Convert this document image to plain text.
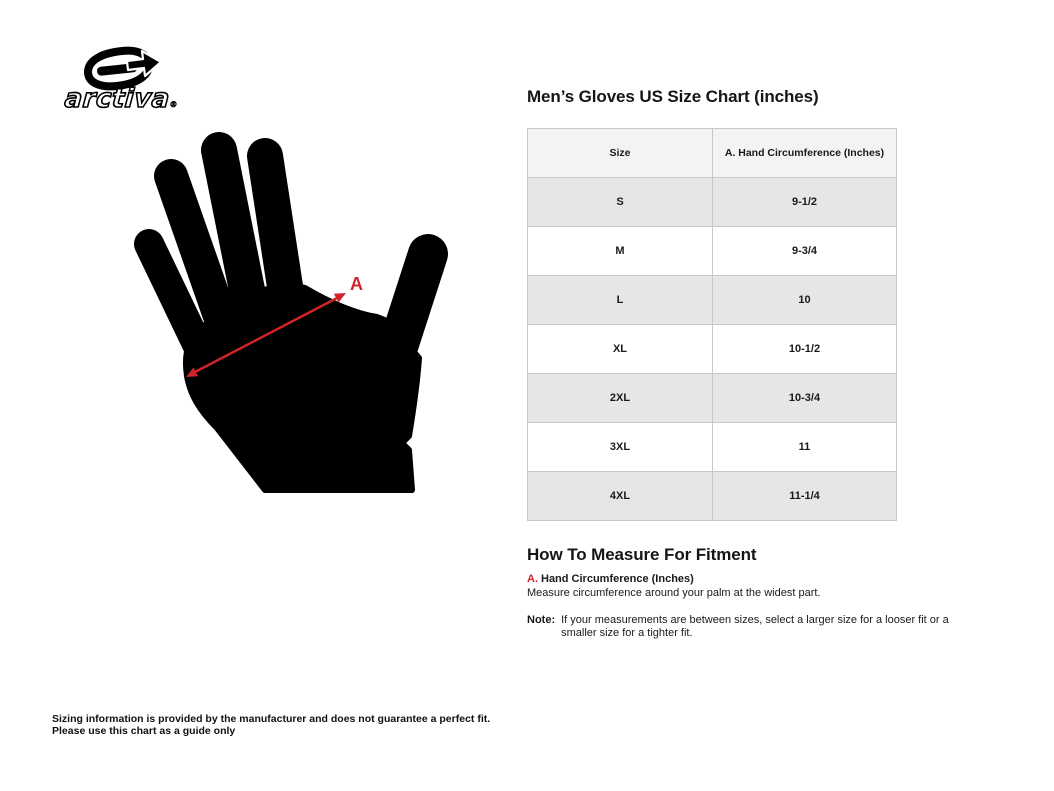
arctiva®
A
Men’s Gloves US Size Chart (inches)
Size	A. Hand Circumference (Inches)
S	9-1/2
M	9-3/4
L	10
XL	10-1/2
2XL	10-3/4
3XL	11
4XL	11-1/4
How To Measure For Fitment
A. Hand Circumference (Inches)
Measure circumference around your palm at the widest part.
Note: If your measurements are between sizes, select a larger size for a looser fit or a smaller size for a tighter fit.
Sizing information is provided by the manufacturer and does not guarantee a perfect fit.
Please use this chart as a guide only
